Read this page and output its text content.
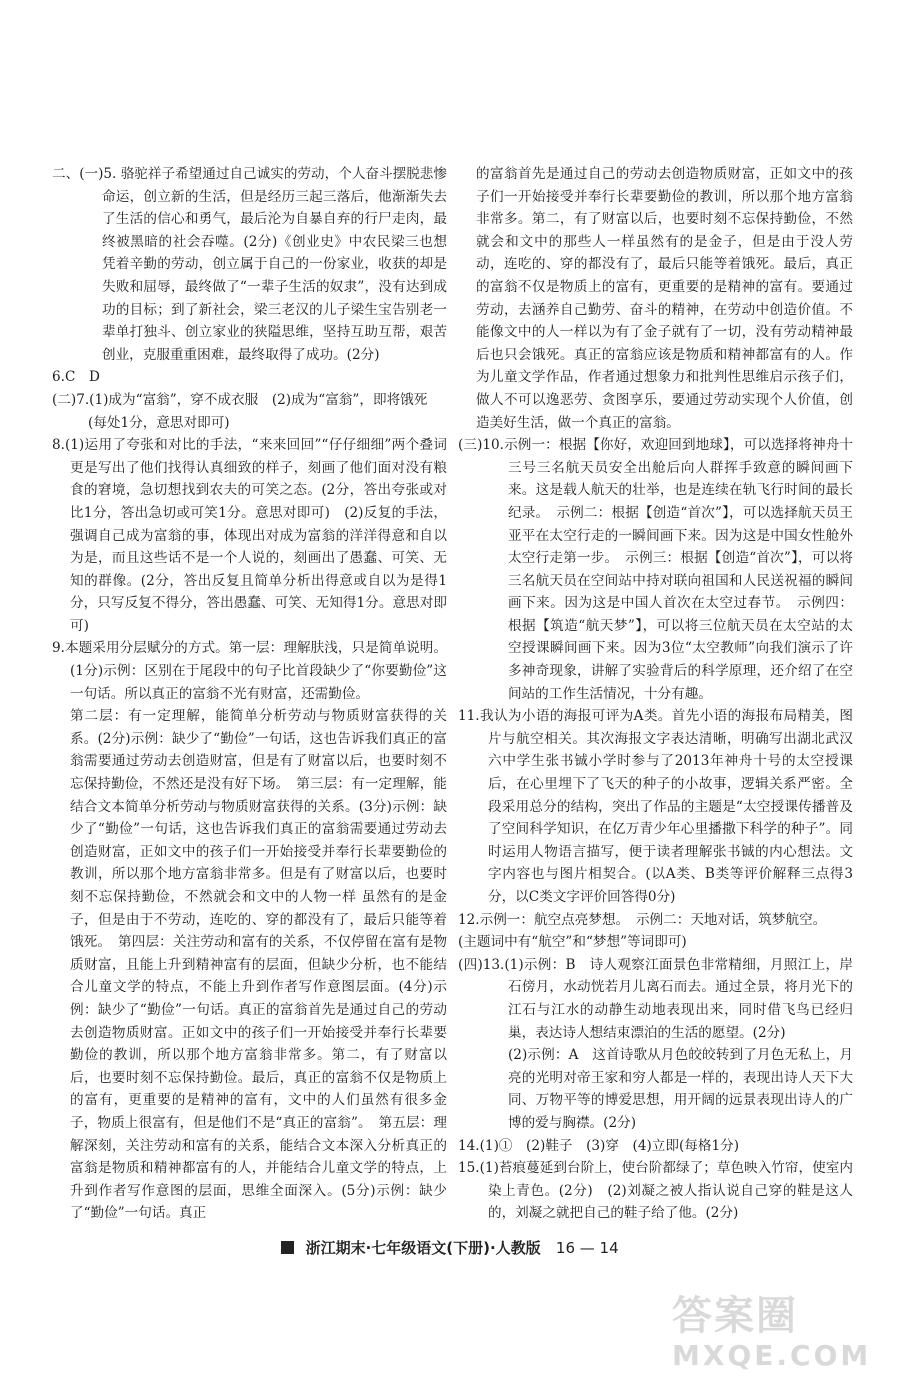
二、(一)5. 骆驼祥子希望通过自己诚实的劳动，个人奋斗摆脱悲惨命运，创立新的生活，但是经历三起三落后，他渐渐失去了生活的信心和勇气，最后沦为自暴自弃的行尸走肉，最终被黑暗的社会吞噬。(2分)《创业史》中农民梁三也想凭着辛勤的劳动，创立属于自己的一份家业，收获的却是失败和屈辱，最终做了“一辈子生活的奴隶”，没有达到成功的目标；到了新社会，梁三老汉的儿子梁生宝告别老一辈单打独斗、创立家业的狭隘思维，坚持互助互帮，艰苦创业，克服重重困难，最终取得了成功。(2分)

6.C　D

(二)7.(1)成为“富翁”，穿不成衣服　(2)成为“富翁”，即将饿死

(每处1分，意思对即可)

8.(1)运用了夸张和对比的手法，“来来回回”“仔仔细细”两个叠词更是写出了他们找得认真细致的样子，刻画了他们面对没有粮食的窘境，急切想找到农夫的可笑之态。(2分，答出夸张或对比1分，答出急切或可笑1分。意思对即可)　(2)反复的手法，强调自己成为富翁的事，体现出对成为富翁的洋洋得意和自以为是，而且这些话不是一个人说的，刻画出了愚蠢、可笑、无知的群像。(2分，答出反复且简单分析出得意或自以为是得1分，只写反复不得分，答出愚蠢、可笑、无知得1分。意思对即可)

9.本题采用分层赋分的方式。第一层：理解肤浅，只是简单说明。(1分)示例：区别在于尾段中的句子比首段缺少了“你要勤俭”这一句话。所以真正的富翁不光有财富，还需勤俭。

第二层：有一定理解，能简单分析劳动与物质财富获得的关系。(2分)示例：缺少了“勤俭”一句话，这也告诉我们真正的富翁需要通过劳动去创造财富，但是有了财富以后，也要时刻不忘保持勤俭，不然还是没有好下场。　第三层：有一定理解，能结合文本简单分析劳动与物质财富获得的关系。(3分)示例：缺少了“勤俭”一句话，这也告诉我们真正的富翁需要通过劳动去创造财富，正如文中的孩子们一开始接受并奉行长辈要勤俭的教训，所以那个地方富翁非常多。但是有了财富以后，也要时刻不忘保持勤俭，不然就会和文中的人物一样 虽然有的是金子，但是由于不劳动，连吃的、穿的都没有了，最后只能等着饿死。　第四层：关注劳动和富有的关系，不仅停留在富有是物质财富，且能上升到精神富有的层面，但缺少分析，也不能结合儿童文学的特点，不能上升到作者写作意图层面。(4分)示例：缺少了“勤俭”一句话。真正的富翁首先是通过自己的劳动去创造物质财富。正如文中的孩子们一开始接受并奉行长辈要勤俭的教训，所以那个地方富翁非常多。第二，有了财富以后，也要时刻不忘保持勤俭。最后，真正的富翁不仅是物质上的富有，更重要的是精神的富有，文中的人们虽然有很多金子，物质上很富有，但是他们不是“真正的富翁”。　第五层：理解深刻，关注劳动和富有的关系，能结合文本深入分析真正的富翁是物质和精神都富有的人，并能结合儿童文学的特点，上升到作者写作意图的层面，思维全面深入。(5分)示例：缺少了“勤俭”一句话。真正

的富翁首先是通过自己的劳动去创造物质财富，正如文中的孩子们一开始接受并奉行长辈要勤俭的教训，所以那个地方富翁非常多。第二，有了财富以后，也要时刻不忘保持勤俭，不然就会和文中的那些人一样虽然有的是金子，但是由于没人劳动，连吃的、穿的都没有了，最后只能等着饿死。最后，真正的富翁不仅是物质上的富有，更重要的是精神的富有。要通过劳动，去涵养自己勤劳、奋斗的精神，在劳动中创造价值。不能像文中的人一样以为有了金子就有了一切，没有劳动精神最后也只会饿死。真正的富翁应该是物质和精神都富有的人。作为儿童文学作品，作者通过想象力和批判性思维启示孩子们，做人不可以逸恶劳、贪图享乐，要通过劳动实现个人价值，创造美好生活，做一个真正的富翁。

(三)10.示例一：根据【你好，欢迎回到地球】，可以选择将神舟十三号三名航天员安全出舱后向人群挥手致意的瞬间画下来。这是载人航天的壮举，也是连续在轨飞行时间的最长纪录。　示例二：根据【创造“首次”】，可以选择航天员王亚平在太空行走的一瞬间画下来。因为这是中国女性舱外太空行走第一步。　示例三：根据【创造“首次”】，可以将三名航天员在空间站中持对联向祖国和人民送祝福的瞬间画下来。因为这是中国人首次在太空过春节。　示例四：根据【筑造“航天梦”】，可以将三位航天员在太空站的太空授课瞬间画下来。因为3位“太空教师”向我们演示了许多神奇现象，讲解了实验背后的科学原理，还介绍了在空间站的工作生活情况，十分有趣。

11.我认为小语的海报可评为A类。首先小语的海报布局精美，图片与航空相关。其次海报文字表达清晰，明确写出湖北武汉六中学生张书铖小学时参与了2013年神舟十号的太空授课后，在心里埋下了飞天的种子的小故事，逻辑关系严密。全段采用总分的结构，突出了作品的主题是“太空授课传播普及了空间科学知识，在亿万青少年心里播撒下科学的种子”。同时运用人物语言描写，便于读者理解张书铖的内心想法。文字内容也与图片相契合。(以A类、B类等评价解释三点得3分，以C类文字评价回答得0分)

12.示例一：航空点亮梦想。　示例二：天地对话，筑梦航空。

(主题词中有“航空”和“梦想”等词即可)

(四)13.(1)示例：B　诗人观察江面景色非常精细，月照江上，岸石傍月，水动恍若月儿离石而去。通过全景，将月光下的江石与江水的动静生动地表现出来，同时借飞鸟已经归巢，表达诗人想结束漂泊的生活的愿望。(2分)

(2)示例：A　这首诗歌从月色皎皎转到了月色无私上，月亮的光明对帝王家和穷人都是一样的，表现出诗人天下大同、万物平等的博爱思想，用开阔的远景表现出诗人的广博的爱与胸襟。(2分)

14.(1)①　(2)鞋子　(3)穿　(4)立即(每格1分)

15.(1)苔痕蔓延到台阶上，使台阶都绿了；草色映入竹帘，使室内染上青色。(2分)　(2)刘凝之被人指认说自己穿的鞋是这人的，刘凝之就把自己的鞋子给了他。(2分)

浙江期末·七年级语文(下册)·人教版 16 — 14
答案圈
MXQE.COM
